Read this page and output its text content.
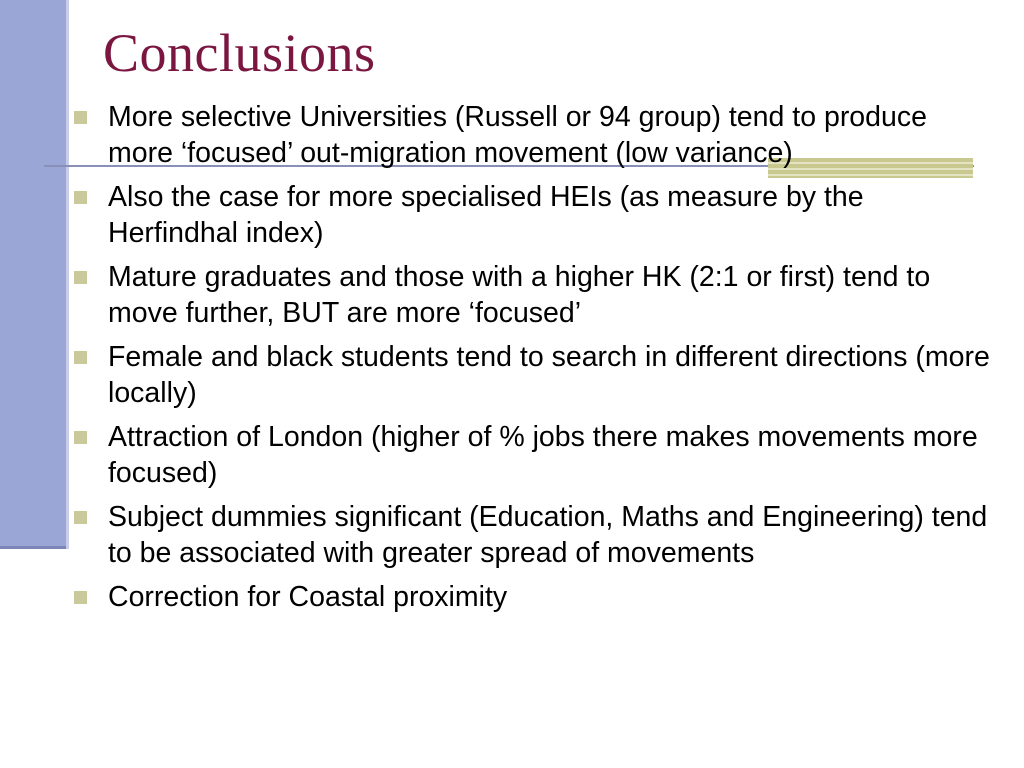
Conclusions
More selective Universities (Russell or 94 group) tend to produce more ‘focused’ out-migration movement (low variance)
Also the case for more specialised HEIs (as measure by the Herfindhal index)
Mature graduates and those with a higher HK (2:1 or first) tend to move further, BUT are more ‘focused’
Female and black students tend to search in different directions (more locally)
Attraction of London (higher of % jobs there makes movements more focused)
Subject dummies significant (Education, Maths and Engineering) tend to be associated with greater spread of movements
Correction for Coastal proximity
